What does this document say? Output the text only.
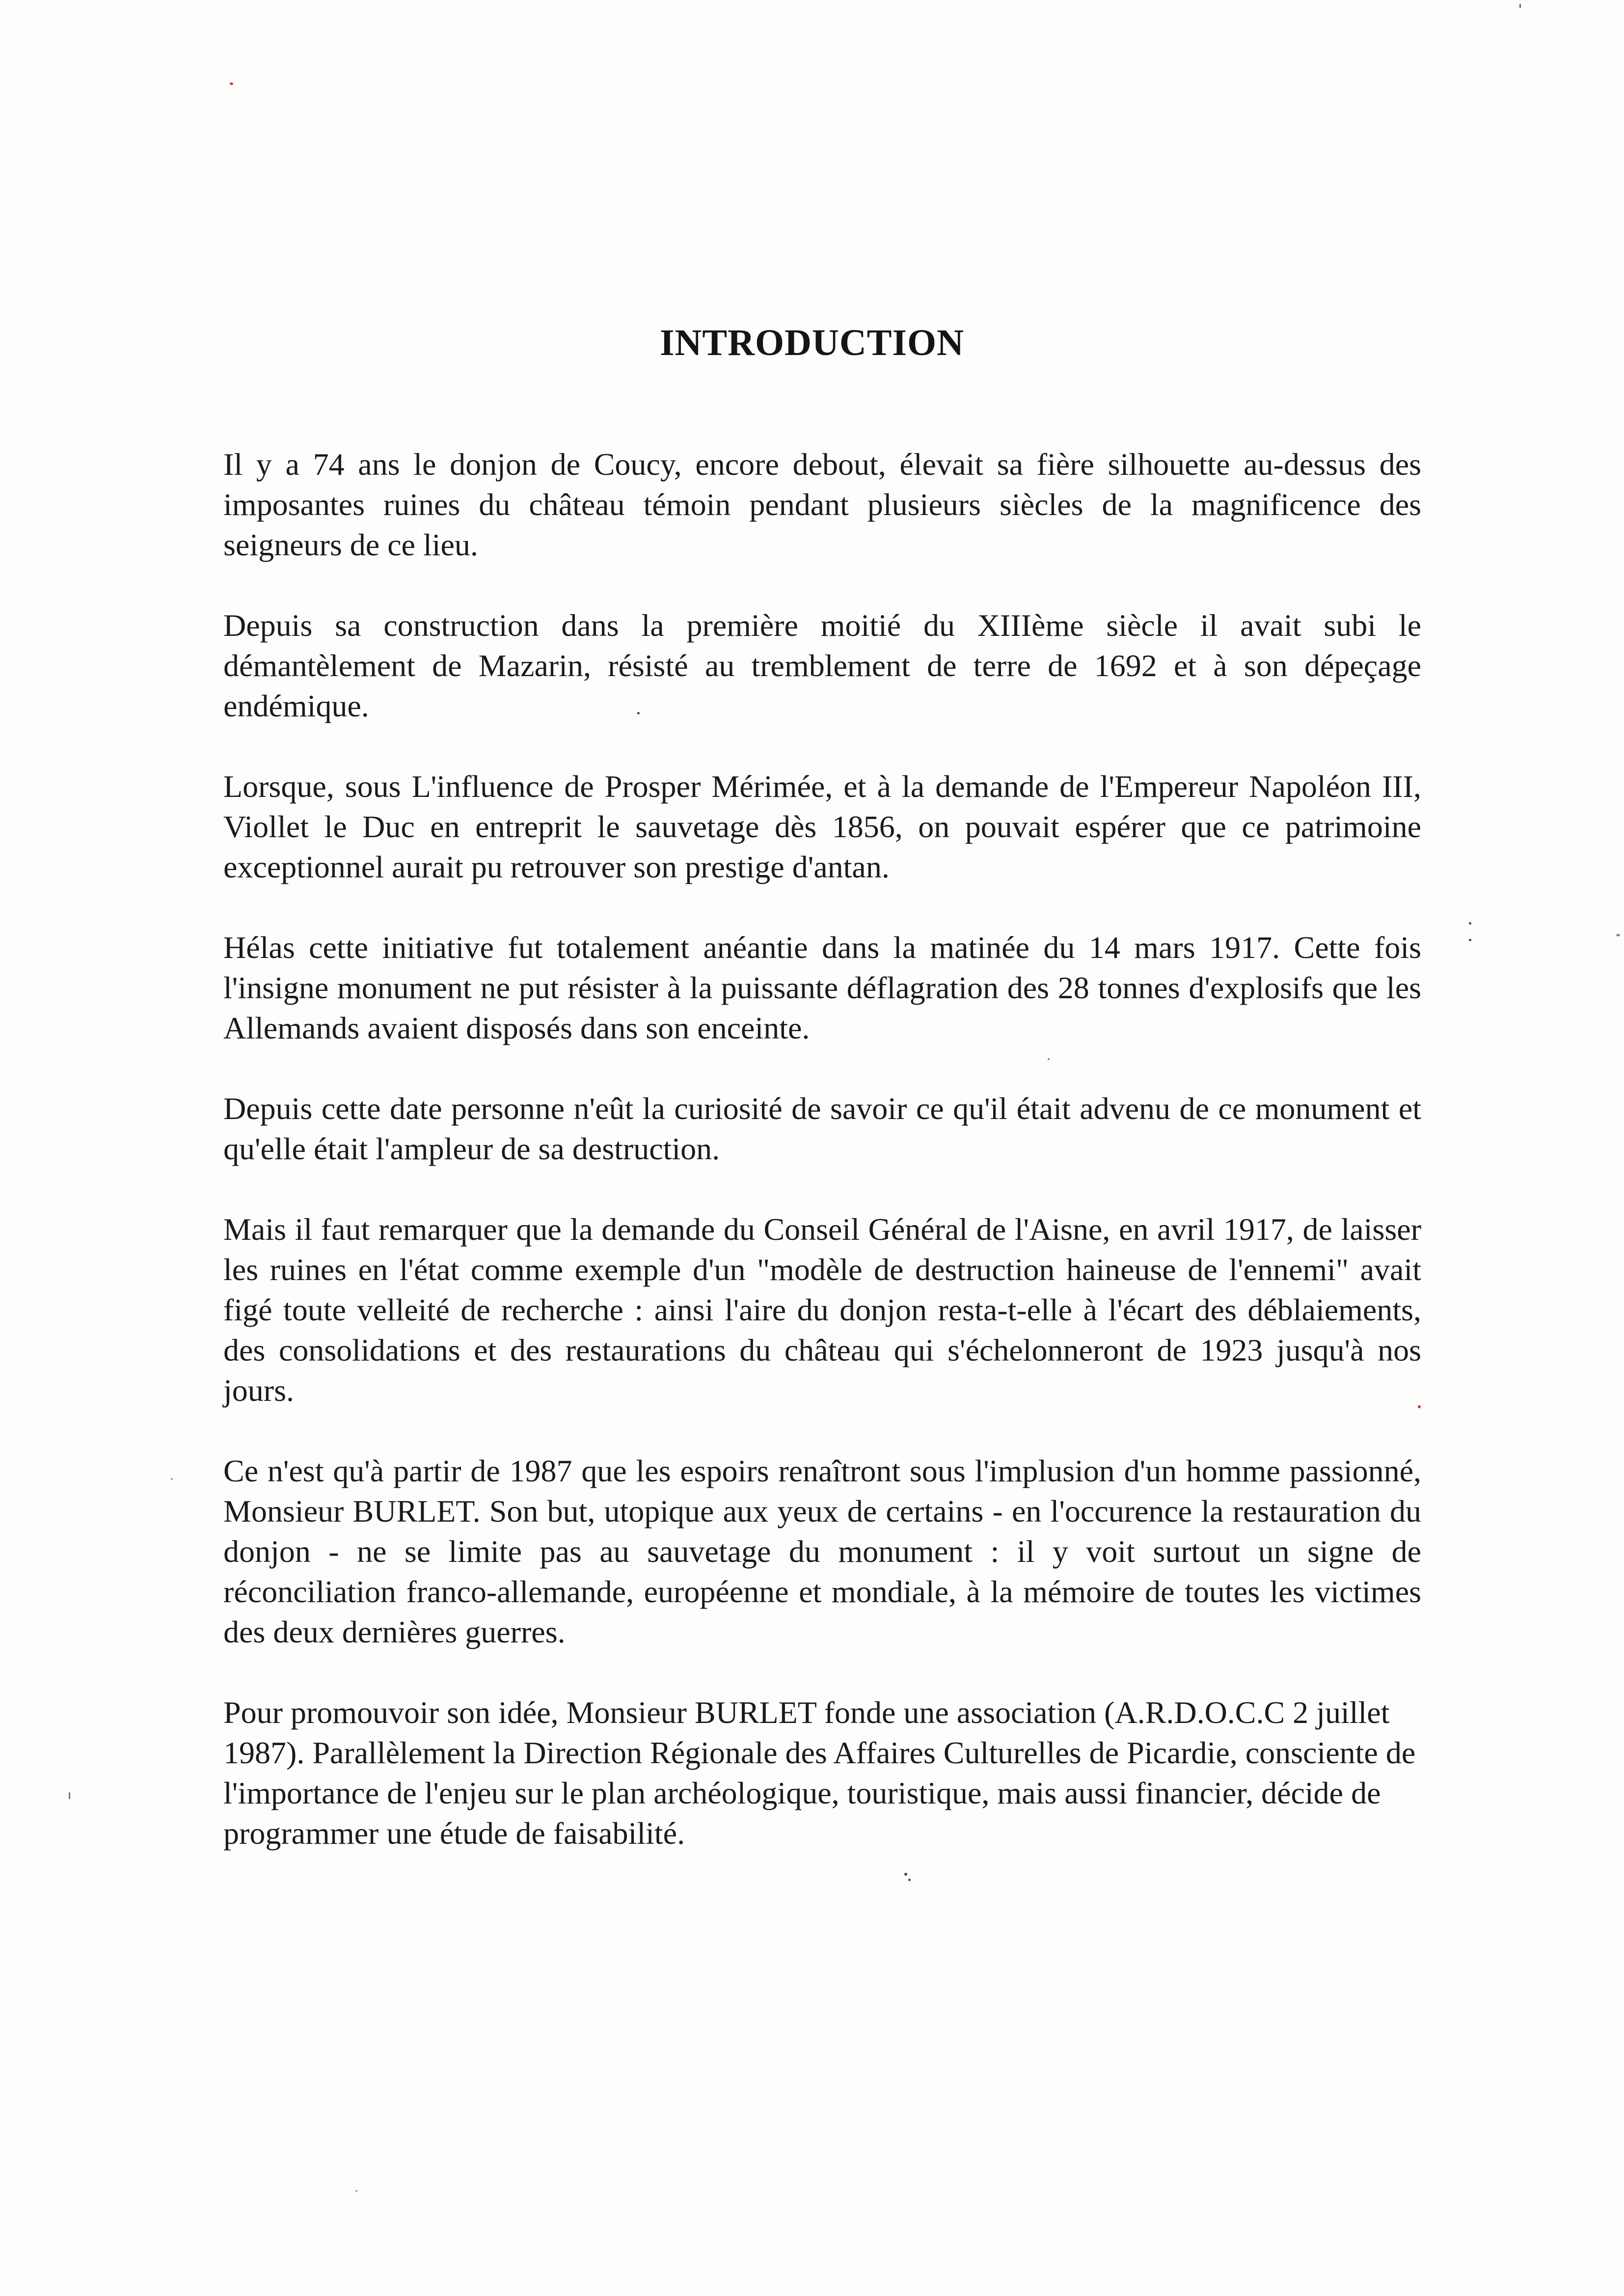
INTRODUCTION

Il y a 74 ans le donjon de Coucy, encore debout, élevait sa fière silhouette au-dessus des imposantes ruines du château témoin pendant plusieurs siècles de la magnificence des seigneurs de ce lieu.

Depuis sa construction dans la première moitié du XIIIème siècle il avait subi le démantèlement de Mazarin, résisté au tremblement de terre de 1692 et à son dépeçage endémique.

Lorsque, sous L'influence de Prosper Mérimée, et à la demande de l'Empereur Napoléon III, Viollet le Duc en entreprit le sauvetage dès 1856, on pouvait espérer que ce patrimoine exceptionnel aurait pu retrouver son prestige d'antan.

Hélas cette initiative fut totalement anéantie dans la matinée du 14 mars 1917. Cette fois l'insigne monument ne put résister à la puissante déflagration des 28 tonnes d'explosifs que les Allemands avaient disposés dans son enceinte.

Depuis cette date personne n'eût la curiosité de savoir ce qu'il était advenu de ce monument et qu'elle était l'ampleur de sa destruction.

Mais il faut remarquer que la demande du Conseil Général de l'Aisne, en avril 1917, de laisser les ruines en l'état comme exemple d'un "modèle de destruction haineuse de l'ennemi" avait figé toute velleité de recherche : ainsi l'aire du donjon resta-t-elle à l'écart des déblaiements, des consolidations et des restaurations du château qui s'échelonneront de 1923 jusqu'à nos jours.

Ce n'est qu'à partir de 1987 que les espoirs renaîtront sous l'implusion d'un homme passionné, Monsieur BURLET. Son but, utopique aux yeux de certains - en l'occurence la restauration du donjon - ne se limite pas au sauvetage du monument : il y voit surtout un signe de réconciliation franco-allemande, européenne et mondiale, à la mémoire de toutes les victimes des deux dernières guerres.

Pour promouvoir son idée, Monsieur BURLET fonde une association (A.R.D.O.C.C 2 juillet 1987). Parallèlement la Direction Régionale des Affaires Culturelles de Picardie, consciente de l'importance de l'enjeu sur le plan archéologique, touristique, mais aussi financier, décide de programmer une étude de faisabilité.
